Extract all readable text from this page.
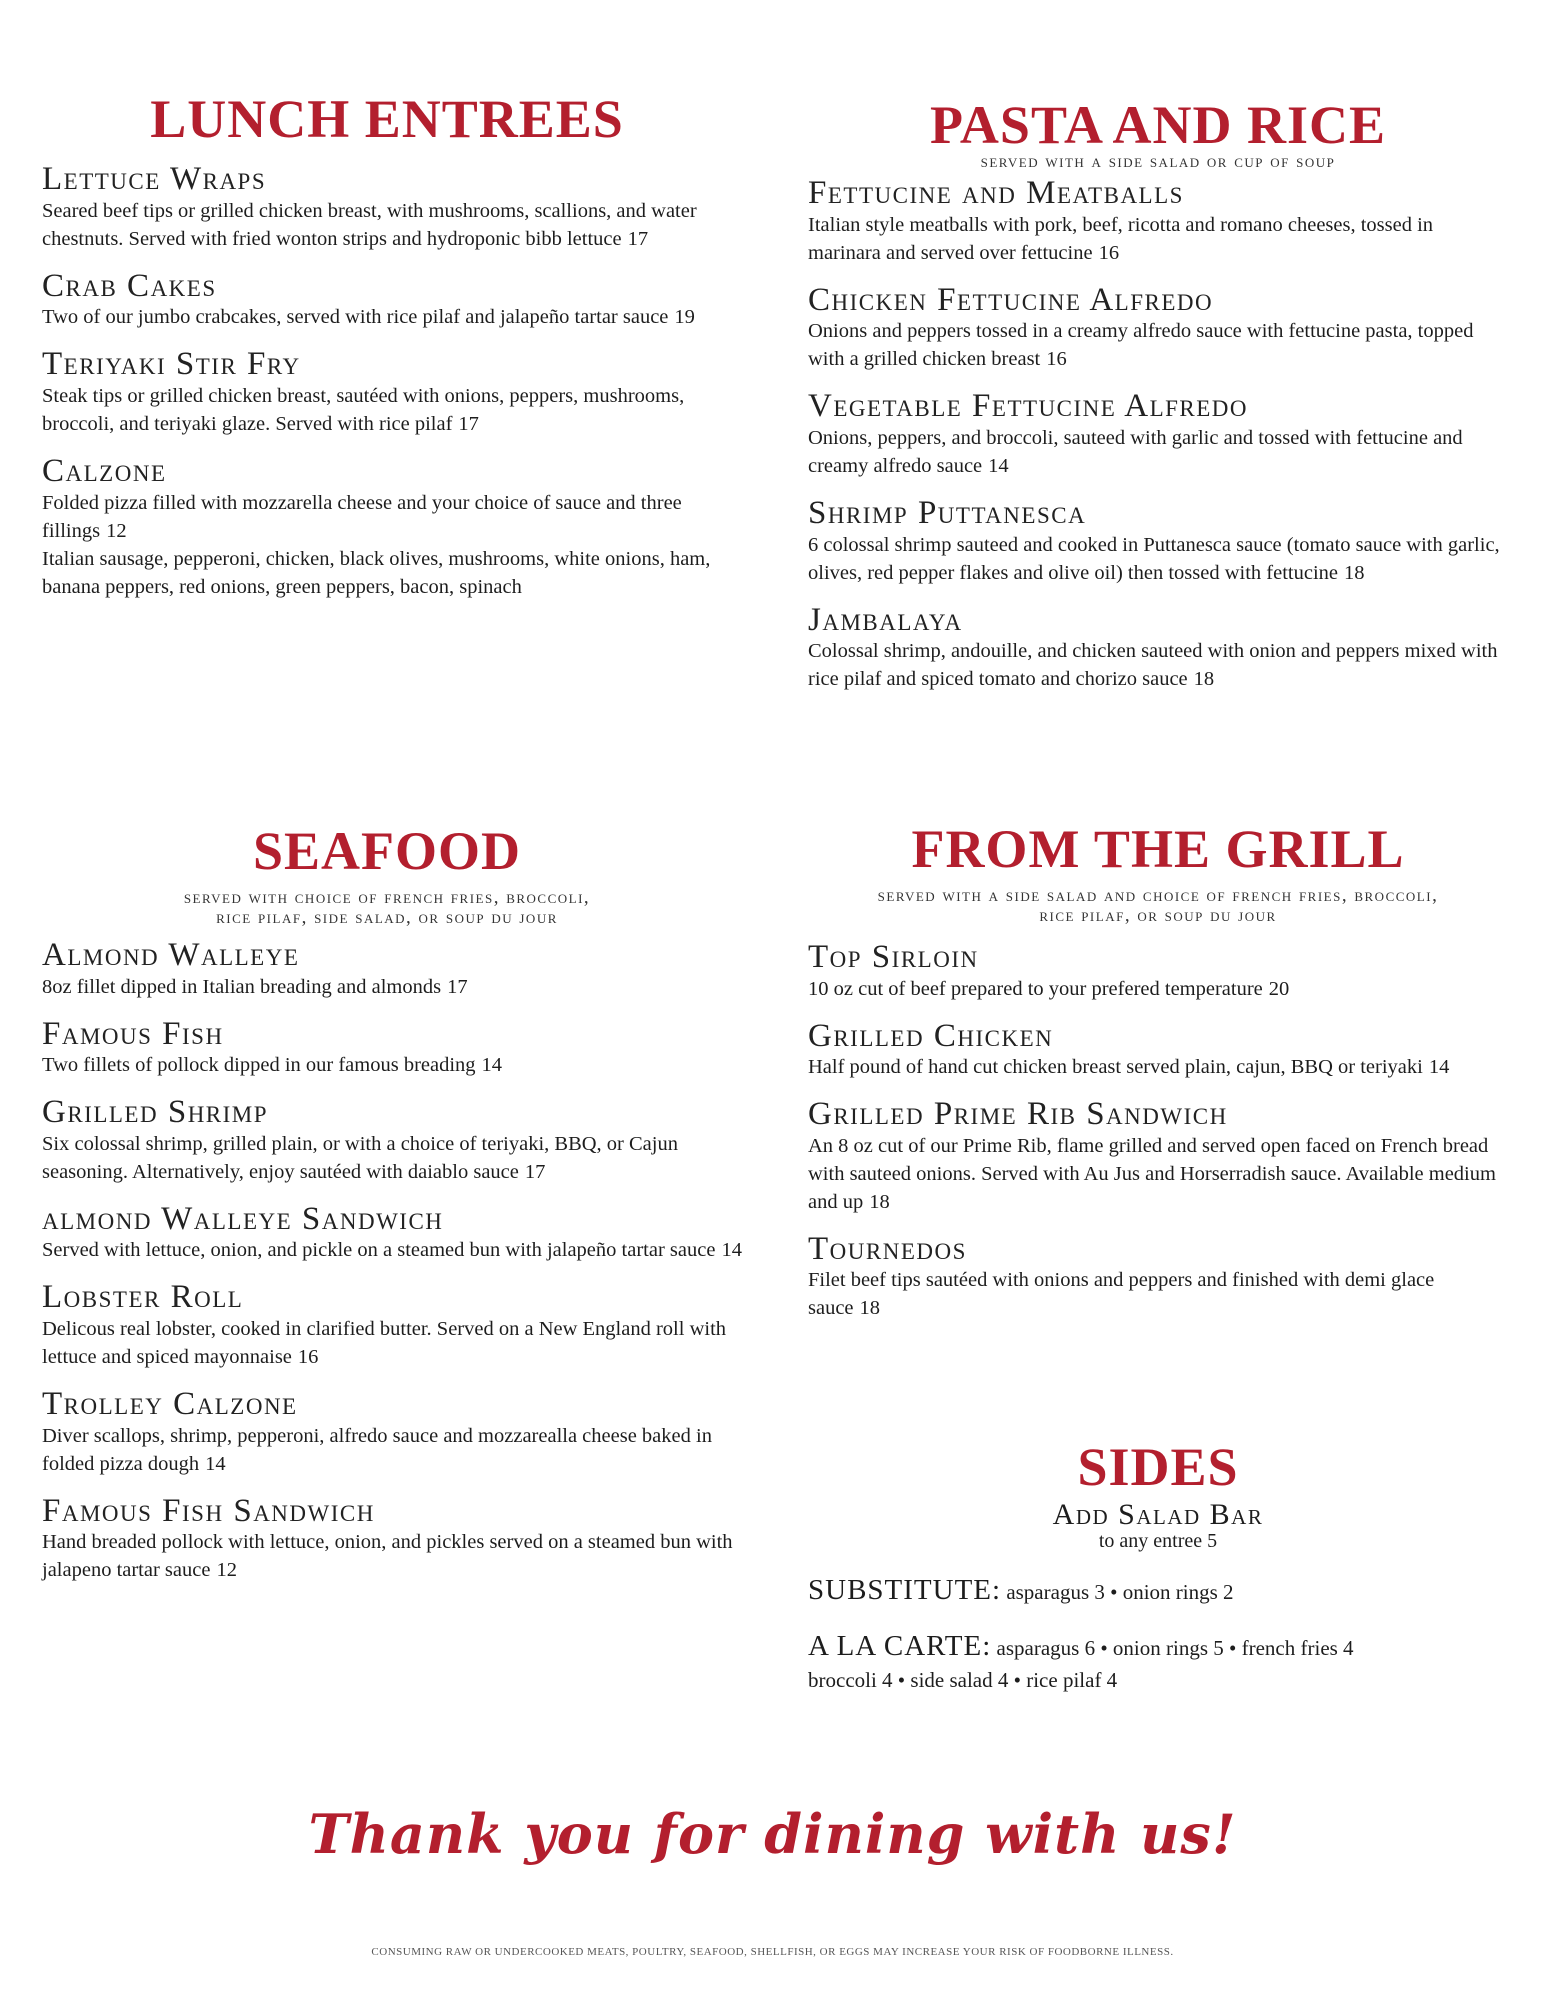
LUNCH ENTREES
Lettuce Wraps
Seared beef tips or grilled chicken breast, with mushrooms, scallions, and water chestnuts. Served with fried wonton strips and hydroponic bibb lettuce 17
Crab Cakes
Two of our jumbo crabcakes, served with rice pilaf and jalapeño tartar sauce 19
Teriyaki Stir Fry
Steak tips or grilled chicken breast, sautéed with onions, peppers, mushrooms, broccoli, and teriyaki glaze. Served with rice pilaf 17
Calzone
Folded pizza filled with mozzarella cheese and your choice of sauce and three fillings 12
Italian sausage, pepperoni, chicken, black olives, mushrooms, white onions, ham, banana peppers, red onions, green peppers, bacon, spinach
PASTA AND RICE
served with a side salad or cup of soup
Fettucine and Meatballs
Italian style meatballs with pork, beef, ricotta and romano cheeses, tossed in marinara and served over fettucine 16
Chicken Fettucine Alfredo
Onions and peppers tossed in a creamy alfredo sauce with fettucine pasta, topped with a grilled chicken breast 16
Vegetable Fettucine Alfredo
Onions, peppers, and broccoli, sauteed with garlic and tossed with fettucine and creamy alfredo sauce 14
Shrimp Puttanesca
6 colossal shrimp sauteed and cooked in Puttanesca sauce (tomato sauce with garlic, olives, red pepper flakes and olive oil) then tossed with fettucine 18
Jambalaya
Colossal shrimp, andouille, and chicken sauteed with onion and peppers mixed with rice pilaf and spiced tomato and chorizo sauce 18
SEAFOOD
served with choice of french fries, broccoli,
rice pilaf, side salad, or soup du jour
Almond Walleye
8oz fillet dipped in Italian breading and almonds 17
Famous Fish
Two fillets of pollock dipped in our famous breading 14
Grilled Shrimp
Six colossal shrimp, grilled plain, or with a choice of teriyaki, BBQ, or Cajun seasoning. Alternatively, enjoy sautéed with daiablo sauce 17
almond Walleye Sandwich
Served with lettuce, onion, and pickle on a steamed bun with jalapeño tartar sauce 14
Lobster Roll
Delicous real lobster, cooked in clarified butter. Served on a New England roll with lettuce and spiced mayonnaise 16
Trolley Calzone
Diver scallops, shrimp, pepperoni, alfredo sauce and mozzarealla cheese baked in folded pizza dough 14
Famous Fish Sandwich
Hand breaded pollock with lettuce, onion, and pickles served on a steamed bun with jalapeno tartar sauce 12
FROM THE GRILL
served with a side salad and choice of french fries, broccoli,
rice pilaf, or soup du jour
Top Sirloin
10 oz cut of beef prepared to your prefered temperature 20
Grilled Chicken
Half pound of hand cut chicken breast served plain, cajun, BBQ or teriyaki 14
Grilled Prime Rib Sandwich
An 8 oz cut of our Prime Rib, flame grilled and served open faced on French bread with sauteed onions. Served with Au Jus and Horserradish sauce. Available medium and up 18
Tournedos
Filet beef tips sautéed with onions and peppers and finished with demi glace sauce 18
SIDES
Add Salad Bar
to any entree 5
SUBSTITUTE: asparagus 3 • onion rings 2
A LA CARTE: asparagus 6 • onion rings 5 • french fries 4
broccoli 4 • side salad 4 • rice pilaf 4
Thank you for dining with us!
CONSUMING RAW OR UNDERCOOKED MEATS, POULTRY, SEAFOOD, SHELLFISH, OR EGGS MAY INCREASE YOUR RISK OF FOODBORNE ILLNESS.
